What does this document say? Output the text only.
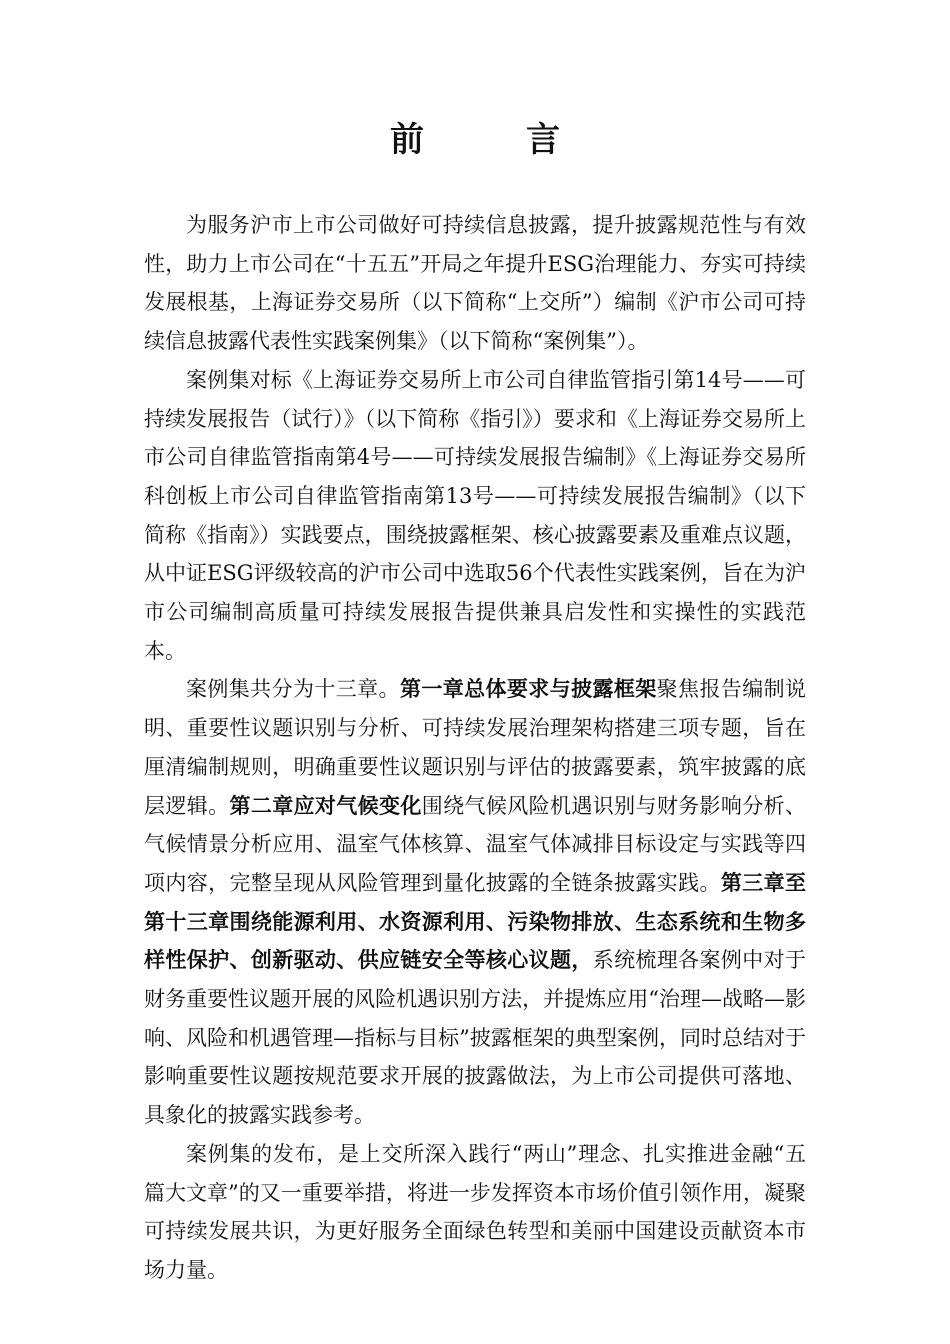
前　言

为服务沪市上市公司做好可持续信息披露，提升披露规范性与有效性，助力上市公司在“十五五”开局之年提升ESG治理能力、夯实可持续发展根基，上海证券交易所（以下简称“上交所”）编制《沪市公司可持续信息披露代表性实践案例集》（以下简称“案例集”）。

案例集对标《上海证券交易所上市公司自律监管指引第14号——可持续发展报告（试行）》（以下简称《指引》）要求和《上海证券交易所上市公司自律监管指南第4号——可持续发展报告编制》《上海证券交易所科创板上市公司自律监管指南第13号——可持续发展报告编制》（以下简称《指南》）实践要点，围绕披露框架、核心披露要素及重难点议题，从中证ESG评级较高的沪市公司中选取56个代表性实践案例，旨在为沪市公司编制高质量可持续发展报告提供兼具启发性和实操性的实践范本。

案例集共分为十三章。第一章总体要求与披露框架聚焦报告编制说明、重要性议题识别与分析、可持续发展治理架构搭建三项专题，旨在厘清编制规则，明确重要性议题识别与评估的披露要素，筑牢披露的底层逻辑。第二章应对气候变化围绕气候风险机遇识别与财务影响分析、气候情景分析应用、温室气体核算、温室气体减排目标设定与实践等四项内容，完整呈现从风险管理到量化披露的全链条披露实践。第三章至第十三章围绕能源利用、水资源利用、污染物排放、生态系统和生物多样性保护、创新驱动、供应链安全等核心议题，系统梳理各案例中对于财务重要性议题开展的风险机遇识别方法，并提炼应用“治理—战略—影响、风险和机遇管理—指标与目标”披露框架的典型案例，同时总结对于影响重要性议题按规范要求开展的披露做法，为上市公司提供可落地、具象化的披露实践参考。

案例集的发布，是上交所深入践行“两山”理念、扎实推进金融“五篇大文章”的又一重要举措，将进一步发挥资本市场价值引领作用，凝聚可持续发展共识，为更好服务全面绿色转型和美丽中国建设贡献资本市场力量。
